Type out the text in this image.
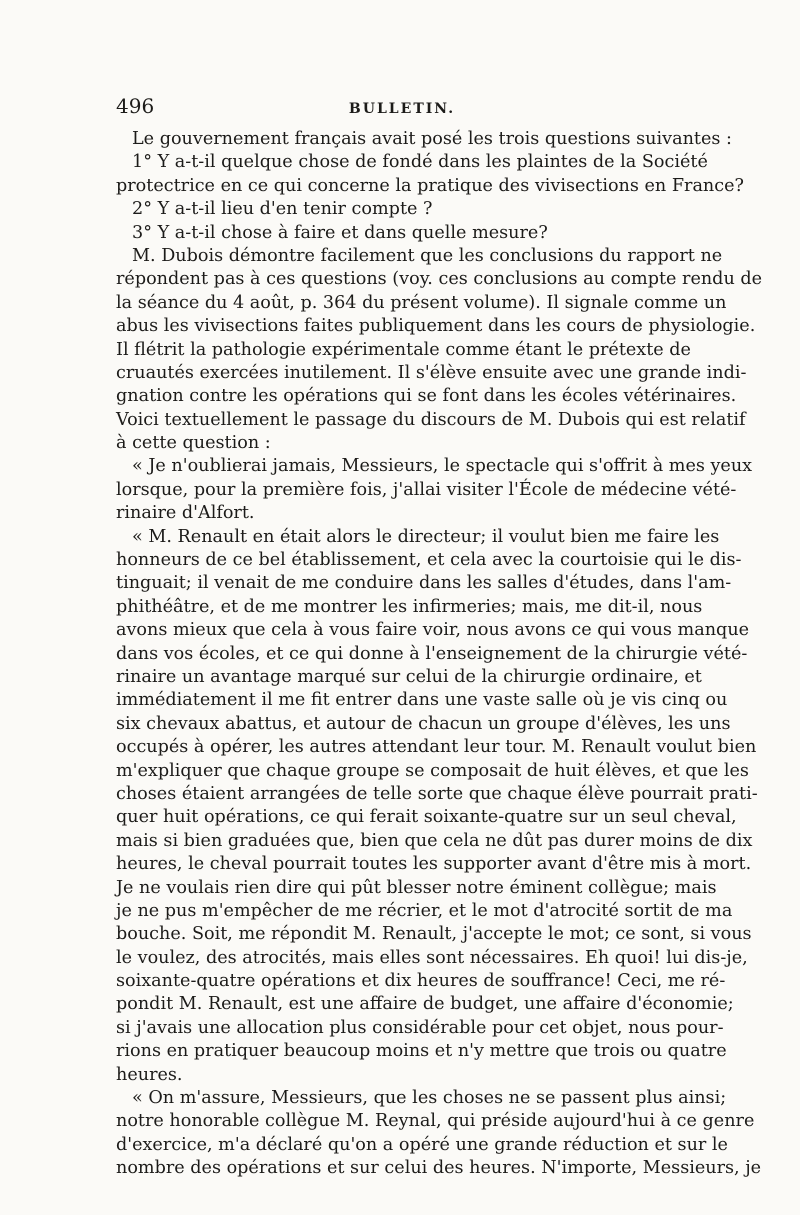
496	BULLETIN.
Le gouvernement français avait posé les trois questions suivantes :
1° Y a-t-il quelque chose de fondé dans les plaintes de la Société
protectrice en ce qui concerne la pratique des vivisections en France?
2° Y a-t-il lieu d'en tenir compte ?
3° Y a-t-il chose à faire et dans quelle mesure?
M. Dubois démontre facilement que les conclusions du rapport ne
répondent pas à ces questions (voy. ces conclusions au compte rendu de
la séance du 4 août, p. 364 du présent volume). Il signale comme un
abus les vivisections faites publiquement dans les cours de physiologie.
Il flétrit la pathologie expérimentale comme étant le prétexte de
cruautés exercées inutilement. Il s'élève ensuite avec une grande indi-
gnation contre les opérations qui se font dans les écoles vétérinaires.
Voici textuellement le passage du discours de M. Dubois qui est relatif
à cette question :
« Je n'oublierai jamais, Messieurs, le spectacle qui s'offrit à mes yeux
lorsque, pour la première fois, j'allai visiter l'École de médecine vété-
rinaire d'Alfort.
« M. Renault en était alors le directeur; il voulut bien me faire les
honneurs de ce bel établissement, et cela avec la courtoisie qui le dis-
tinguait; il venait de me conduire dans les salles d'études, dans l'am-
phithéâtre, et de me montrer les infirmeries; mais, me dit-il, nous
avons mieux que cela à vous faire voir, nous avons ce qui vous manque
dans vos écoles, et ce qui donne à l'enseignement de la chirurgie vété-
rinaire un avantage marqué sur celui de la chirurgie ordinaire, et
immédiatement il me fit entrer dans une vaste salle où je vis cinq ou
six chevaux abattus, et autour de chacun un groupe d'élèves, les uns
occupés à opérer, les autres attendant leur tour. M. Renault voulut bien
m'expliquer que chaque groupe se composait de huit élèves, et que les
choses étaient arrangées de telle sorte que chaque élève pourrait prati-
quer huit opérations, ce qui ferait soixante-quatre sur un seul cheval,
mais si bien graduées que, bien que cela ne dût pas durer moins de dix
heures, le cheval pourrait toutes les supporter avant d'être mis à mort.
Je ne voulais rien dire qui pût blesser notre éminent collègue; mais
je ne pus m'empêcher de me récrier, et le mot d'atrocité sortit de ma
bouche. Soit, me répondit M. Renault, j'accepte le mot; ce sont, si vous
le voulez, des atrocités, mais elles sont nécessaires. Eh quoi! lui dis-je,
soixante-quatre opérations et dix heures de souffrance! Ceci, me ré-
pondit M. Renault, est une affaire de budget, une affaire d'économie;
si j'avais une allocation plus considérable pour cet objet, nous pour-
rions en pratiquer beaucoup moins et n'y mettre que trois ou quatre
heures.
« On m'assure, Messieurs, que les choses ne se passent plus ainsi;
notre honorable collègue M. Reynal, qui préside aujourd'hui à ce genre
d'exercice, m'a déclaré qu'on a opéré une grande réduction et sur le
nombre des opérations et sur celui des heures. N'importe, Messieurs, je
